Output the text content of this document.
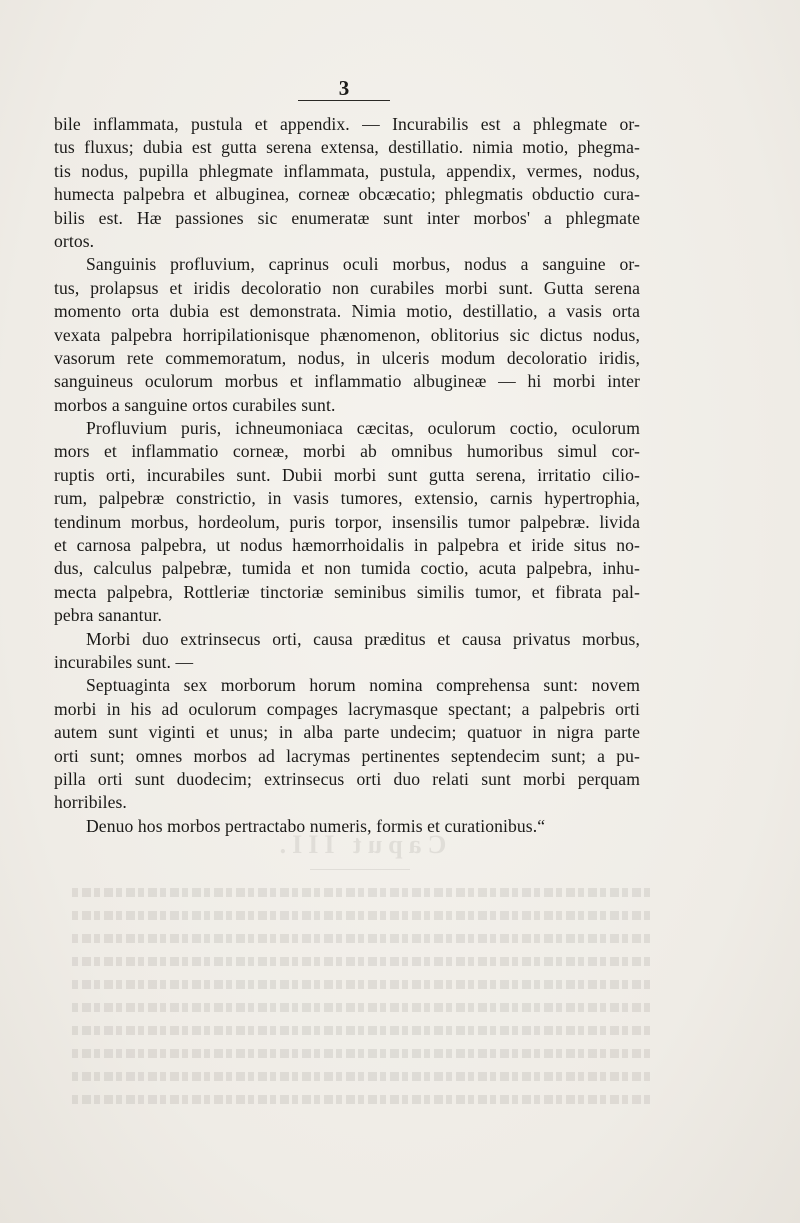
3
Caput III.
bile inflammata, pustula et appendix. — Incurabilis est a phlegmate or-
tus fluxus; dubia est gutta serena extensa, destillatio. nimia motio, phegma-
tis nodus, pupilla phlegmate inflammata, pustula, appendix, vermes, nodus,
humecta palpebra et albuginea, corneæ obcæcatio; phlegmatis obductio cura-
bilis est. Hæ passiones sic enumeratæ sunt inter morbos' a phlegmate
ortos.
Sanguinis profluvium, caprinus oculi morbus, nodus a sanguine or-
tus, prolapsus et iridis decoloratio non curabiles morbi sunt. Gutta serena
momento orta dubia est demonstrata. Nimia motio, destillatio, a vasis orta
vexata palpebra horripilationisque phænomenon, oblitorius sic dictus nodus,
vasorum rete commemoratum, nodus, in ulceris modum decoloratio iridis,
sanguineus oculorum morbus et inflammatio albugineæ — hi morbi inter
morbos a sanguine ortos curabiles sunt.
Profluvium puris, ichneumoniaca cæcitas, oculorum coctio, oculorum
mors et inflammatio corneæ, morbi ab omnibus humoribus simul cor-
ruptis orti, incurabiles sunt. Dubii morbi sunt gutta serena, irritatio cilio-
rum, palpebræ constrictio, in vasis tumores, extensio, carnis hypertrophia,
tendinum morbus, hordeolum, puris torpor, insensilis tumor palpebræ. livida
et carnosa palpebra, ut nodus hæmorrhoidalis in palpebra et iride situs no-
dus, calculus palpebræ, tumida et non tumida coctio, acuta palpebra, inhu-
mecta palpebra, Rottleriæ tinctoriæ seminibus similis tumor, et fibrata pal-
pebra sanantur.
Morbi duo extrinsecus orti, causa præditus et causa privatus morbus,
incurabiles sunt. —
Septuaginta sex morborum horum nomina comprehensa sunt: novem
morbi in his ad oculorum compages lacrymasque spectant; a palpebris orti
autem sunt viginti et unus; in alba parte undecim; quatuor in nigra parte
orti sunt; omnes morbos ad lacrymas pertinentes septendecim sunt; a pu-
pilla orti sunt duodecim; extrinsecus orti duo relati sunt morbi perquam
horribiles.
Denuo hos morbos pertractabo numeris, formis et curationibus.“
